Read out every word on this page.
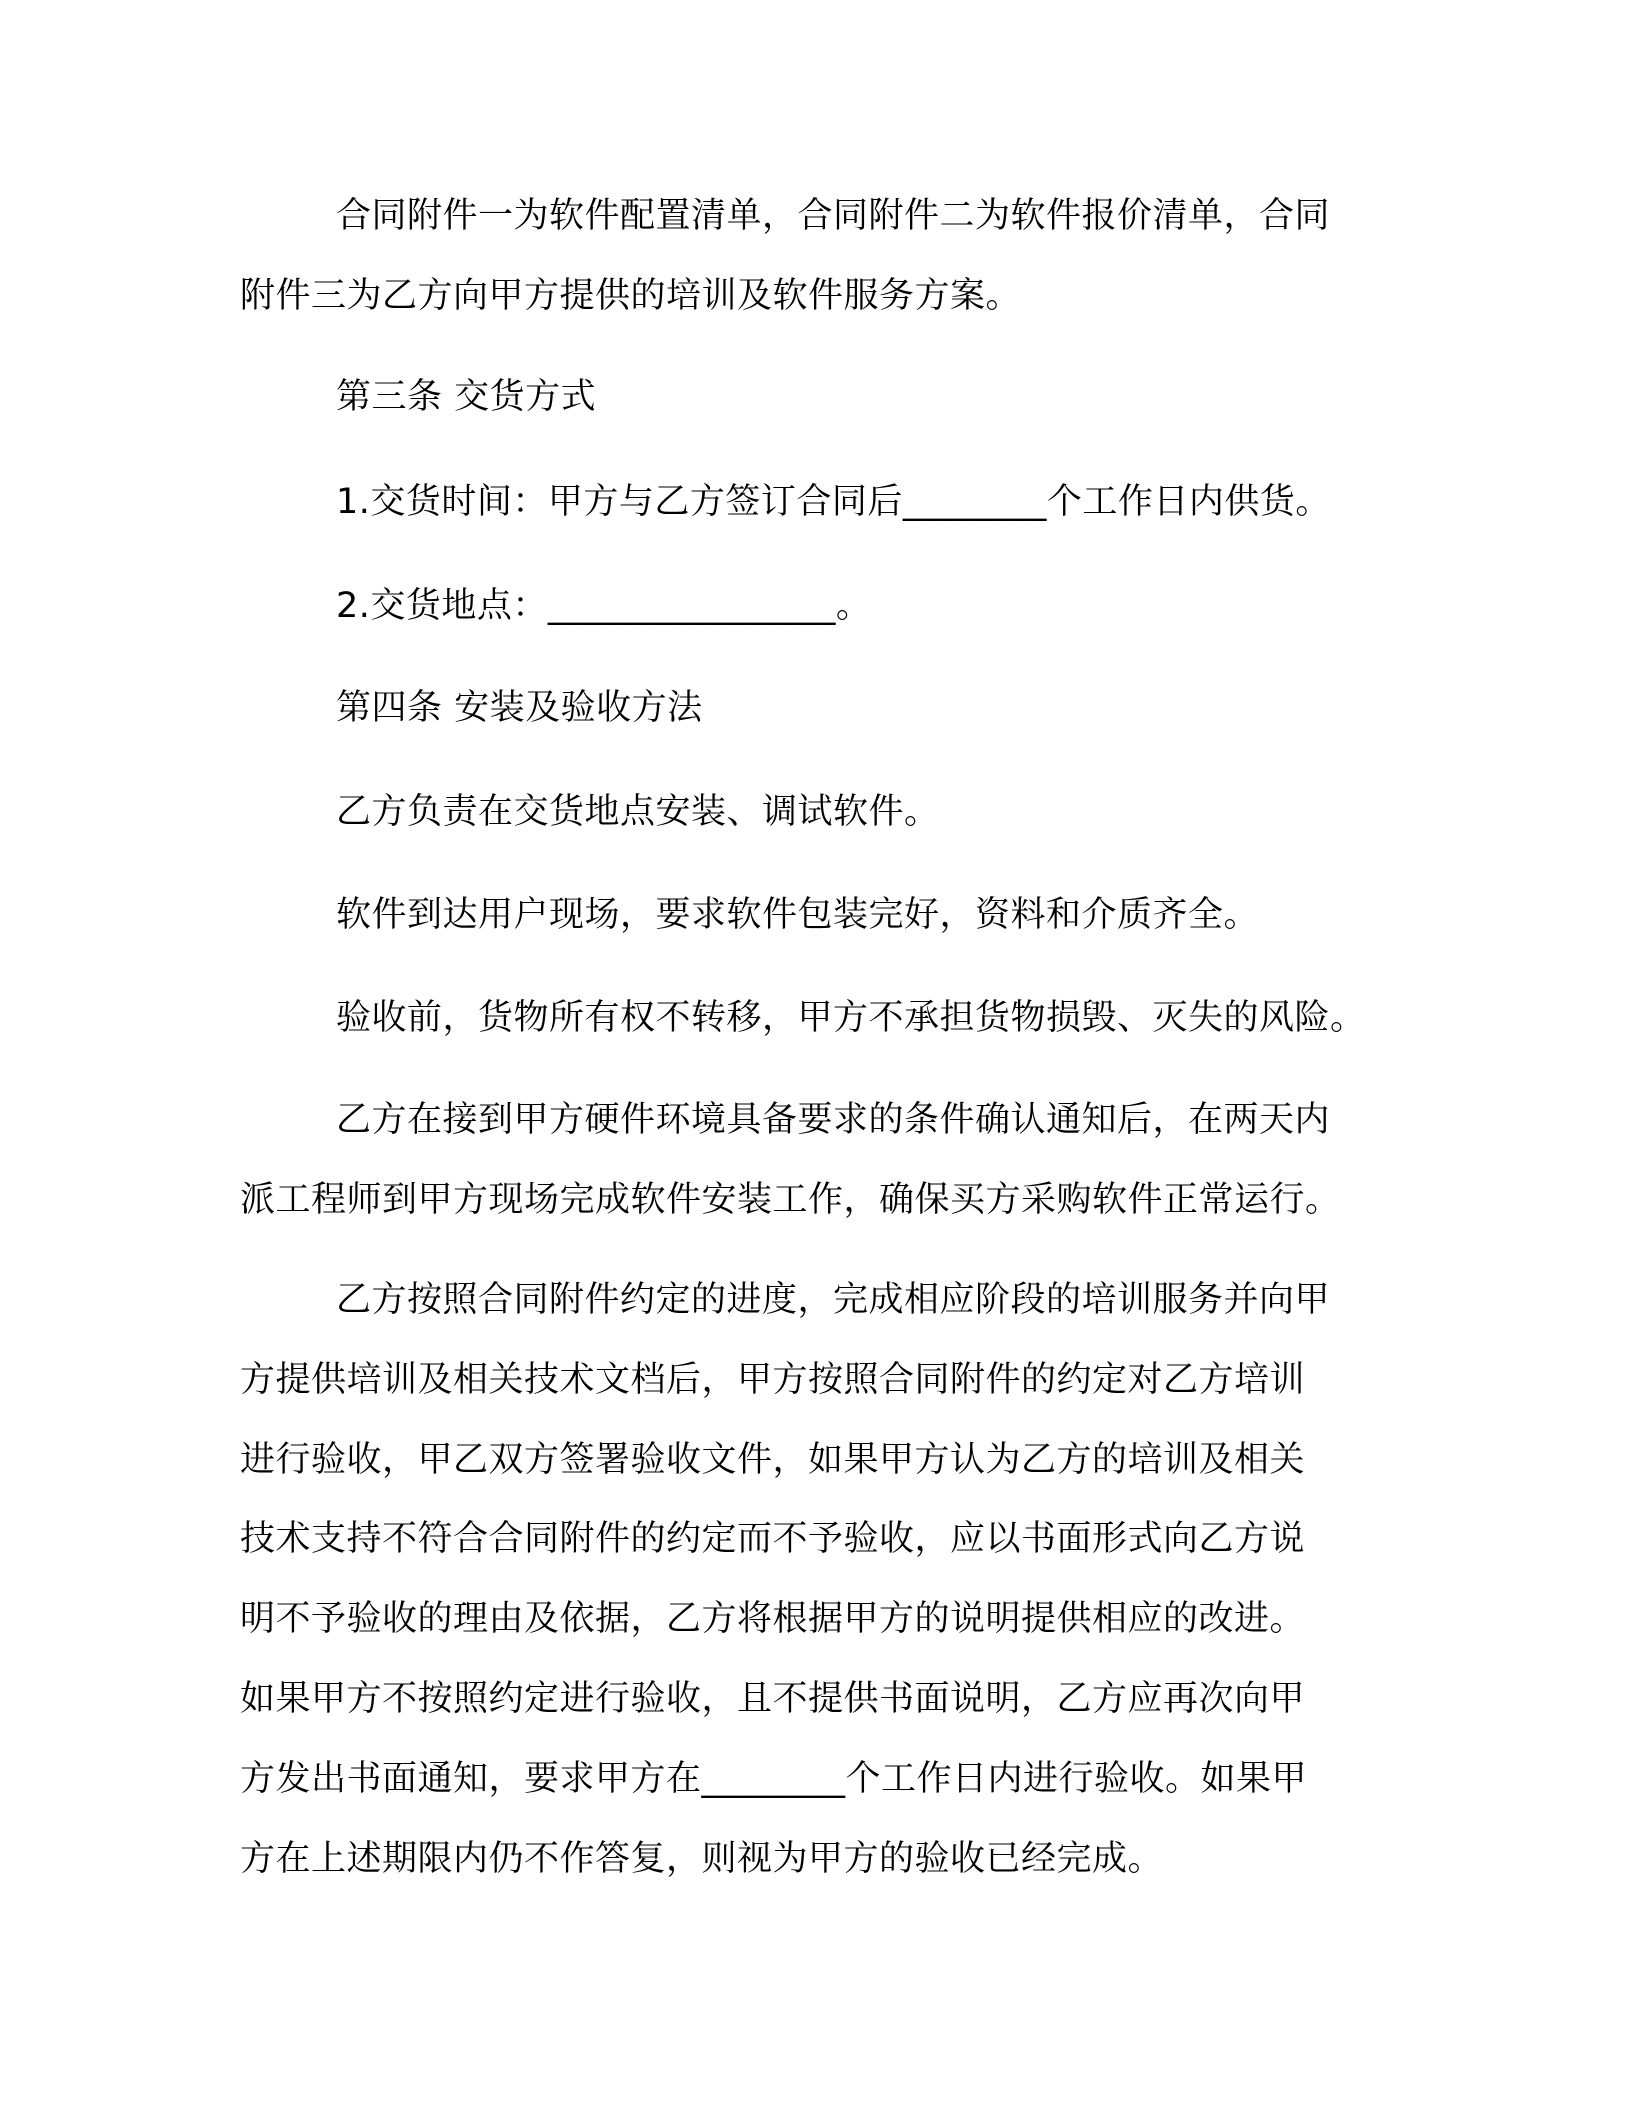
合同附件一为软件配置清单，合同附件二为软件报价清单，合同

附件三为乙方向甲方提供的培训及软件服务方案。

第三条 交货方式

1.交货时间：甲方与乙方签订合同后________个工作日内供货。

2.交货地点：________________。

第四条 安装及验收方法

乙方负责在交货地点安装、调试软件。

软件到达用户现场，要求软件包装完好，资料和介质齐全。

验收前，货物所有权不转移，甲方不承担货物损毁、灭失的风险。

乙方在接到甲方硬件环境具备要求的条件确认通知后，在两天内

派工程师到甲方现场完成软件安装工作，确保买方采购软件正常运行。

乙方按照合同附件约定的进度，完成相应阶段的培训服务并向甲

方提供培训及相关技术文档后，甲方按照合同附件的约定对乙方培训

进行验收，甲乙双方签署验收文件，如果甲方认为乙方的培训及相关

技术支持不符合合同附件的约定而不予验收，应以书面形式向乙方说

明不予验收的理由及依据，乙方将根据甲方的说明提供相应的改进。

如果甲方不按照约定进行验收，且不提供书面说明，乙方应再次向甲

方发出书面通知，要求甲方在________个工作日内进行验收。如果甲

方在上述期限内仍不作答复，则视为甲方的验收已经完成。
